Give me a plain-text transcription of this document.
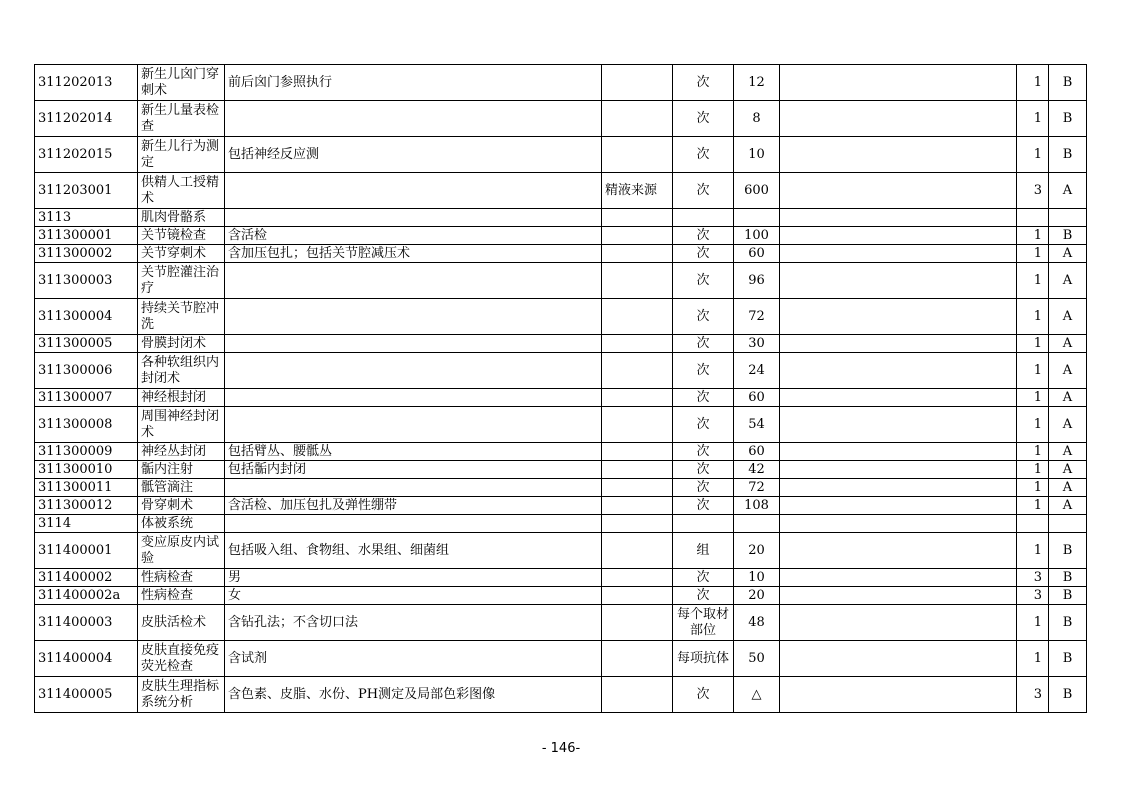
311202013	新生儿囟门穿刺术	前后囟门参照执行		次	12		1	B
311202014	新生儿量表检查			次	8		1	B
311202015	新生儿行为测定	包括神经反应测		次	10		1	B
311203001	供精人工授精术		精液来源	次	600		3	A
3113	肌肉骨骼系							
311300001	关节镜检查	含活检		次	100		1	B
311300002	关节穿刺术	含加压包扎；包括关节腔减压术		次	60		1	A
311300003	关节腔灌注治疗			次	96		1	A
311300004	持续关节腔冲洗			次	72		1	A
311300005	骨膜封闭术			次	30		1	A
311300006	各种软组织内封闭术			次	24		1	A
311300007	神经根封闭			次	60		1	A
311300008	周围神经封闭术			次	54		1	A
311300009	神经丛封闭	包括臂丛、腰骶丛		次	60		1	A
311300010	骺内注射	包括骺内封闭		次	42		1	A
311300011	骶管滴注			次	72		1	A
311300012	骨穿刺术	含活检、加压包扎及弹性绷带		次	108		1	A
3114	体被系统							
311400001	变应原皮内试验	包括吸入组、食物组、水果组、细菌组		组	20		1	B
311400002	性病检查	男		次	10		3	B
311400002a	性病检查	女		次	20		3	B
311400003	皮肤活检术	含钻孔法；不含切口法		每个取材部位	48		1	B
311400004	皮肤直接免疫荧光检查	含试剂		每项抗体	50		1	B
311400005	皮肤生理指标系统分析	含色素、皮脂、水份、PH测定及局部色彩图像		次	△		3	B
- 146-
